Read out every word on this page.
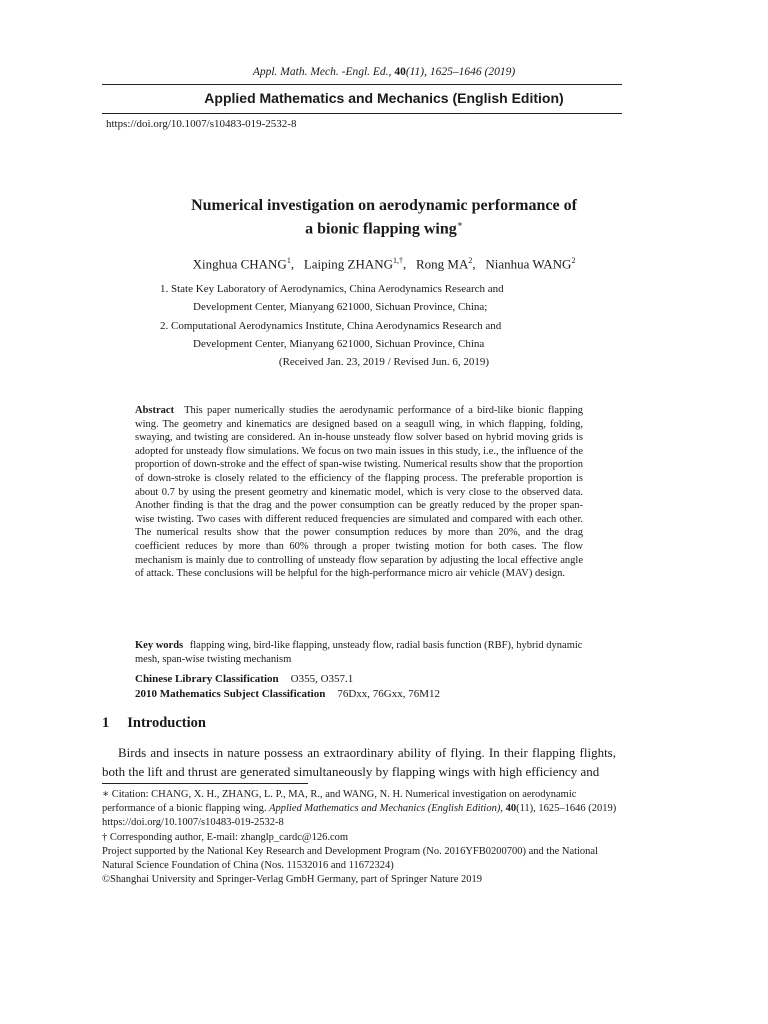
Appl. Math. Mech. -Engl. Ed., 40(11), 1625–1646 (2019)
Applied Mathematics and Mechanics (English Edition)
https://doi.org/10.1007/s10483-019-2532-8
Numerical investigation on aerodynamic performance of
a bionic flapping wing∗
Xinghua CHANG$^1$,   Laiping $ZHANG^{1,\dagger}$,   Rong $MA^2$,   Nianhua WANG$^2$
1. State Key Laboratory of Aerodynamics, China Aerodynamics Research and
Development Center, Mianyang 621000, Sichuan Province, China;
2. Computational Aerodynamics Institute, China Aerodynamics Research and
Development Center, Mianyang 621000, Sichuan Province, China
(Received Jan. 23, 2019 / Revised Jun. 6, 2019)
Abstract This paper numerically studies the aerodynamic performance of a bird-like bionic flapping wing. The geometry and kinematics are designed based on a seagull wing, in which flapping, folding, swaying, and twisting are considered. An in-house unsteady flow solver based on hybrid moving grids is adopted for unsteady flow simulations. We focus on two main issues in this study, i.e., the influence of the proportion of down-stroke and the effect of span-wise twisting. Numerical results show that the proportion of down-stroke is closely related to the efficiency of the flapping process. The preferable proportion is about 0.7 by using the present geometry and kinematic model, which is very close to the observed data. Another finding is that the drag and the power consumption can be greatly reduced by the proper span-wise twisting. Two cases with different reduced frequencies are simulated and compared with each other. The numerical results show that the power consumption reduces by more than 20%, and the drag coefficient reduces by more than 60% through a proper twisting motion for both cases. The flow mechanism is mainly due to controlling of unsteady flow separation by adjusting the local effective angle of attack. These conclusions will be helpful for the high-performance micro air vehicle (MAV) design.
Key words flapping wing, bird-like flapping, unsteady flow, radial basis function (RBF), hybrid dynamic mesh, span-wise twisting mechanism
Chinese Library Classification O355, O357.1
2010 Mathematics Subject Classification 76Dxx, 76Gxx, 76M12
1 Introduction
Birds and insects in nature possess an extraordinary ability of flying. In their flapping flights, both the lift and thrust are generated simultaneously by flapping wings with high efficiency and

∗ Citation: CHANG, X. H., ZHANG, L. P., MA, R., and WANG, N. H. Numerical investigation on aerodynamic performance of a bionic flapping wing. Applied Mathematics and Mechanics (English Edition), 40(11), 1625–1646 (2019) https://doi.org/10.1007/s10483-019-2532-8

† Corresponding author, E-mail: zhanglp_cardc@126.com

Project supported by the National Key Research and Development Program (No. 2016YFB0200700) and the National Natural Science Foundation of China (Nos. 11532016 and 11672324)

©Shanghai University and Springer-Verlag GmbH Germany, part of Springer Nature 2019
